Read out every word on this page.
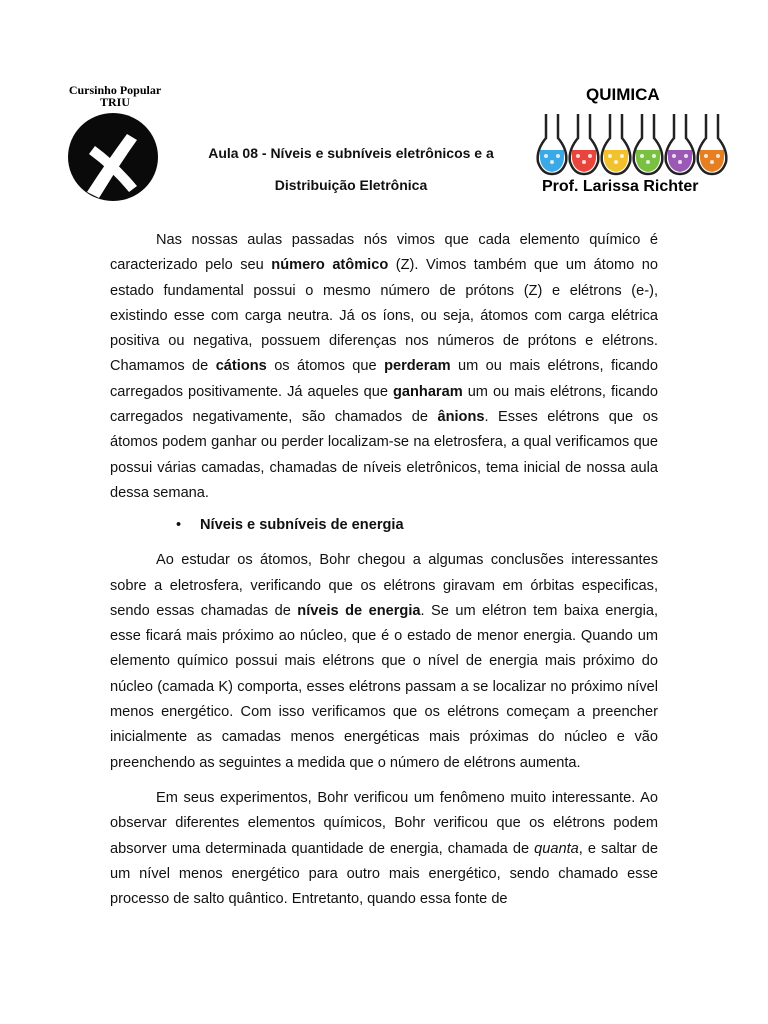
Cursinho Popular
TRIU
Aula 08 - Níveis e subníveis eletrônicos e a
Distribuição Eletrônica
QUIMICA
Prof. Larissa Richter

Nas nossas aulas passadas nós vimos que cada elemento químico é caracterizado pelo seu número atômico (Z). Vimos também que um átomo no estado fundamental possui o mesmo número de prótons (Z) e elétrons (e-), existindo esse com carga neutra. Já os íons, ou seja, átomos com carga elétrica positiva ou negativa, possuem diferenças nos números de prótons e elétrons. Chamamos de cátions os átomos que perderam um ou mais elétrons, ficando carregados positivamente. Já aqueles que ganharam um ou mais elétrons, ficando carregados negativamente, são chamados de ânions. Esses elétrons que os átomos podem ganhar ou perder localizam-se na eletrosfera, a qual verificamos que possui várias camadas, chamadas de níveis eletrônicos, tema inicial de nossa aula dessa semana.

• Níveis e subníveis de energia

Ao estudar os átomos, Bohr chegou a algumas conclusões interessantes sobre a eletrosfera, verificando que os elétrons giravam em órbitas especificas, sendo essas chamadas de níveis de energia. Se um elétron tem baixa energia, esse ficará mais próximo ao núcleo, que é o estado de menor energia. Quando um elemento químico possui mais elétrons que o nível de energia mais próximo do núcleo (camada K) comporta, esses elétrons passam a se localizar no próximo nível menos energético. Com isso verificamos que os elétrons começam a preencher inicialmente as camadas menos energéticas mais próximas do núcleo e vão preenchendo as seguintes a medida que o número de elétrons aumenta.

Em seus experimentos, Bohr verificou um fenômeno muito interessante. Ao observar diferentes elementos químicos, Bohr verificou que os elétrons podem absorver uma determinada quantidade de energia, chamada de quanta, e saltar de um nível menos energético para outro mais energético, sendo chamado esse processo de salto quântico. Entretanto, quando essa fonte de
